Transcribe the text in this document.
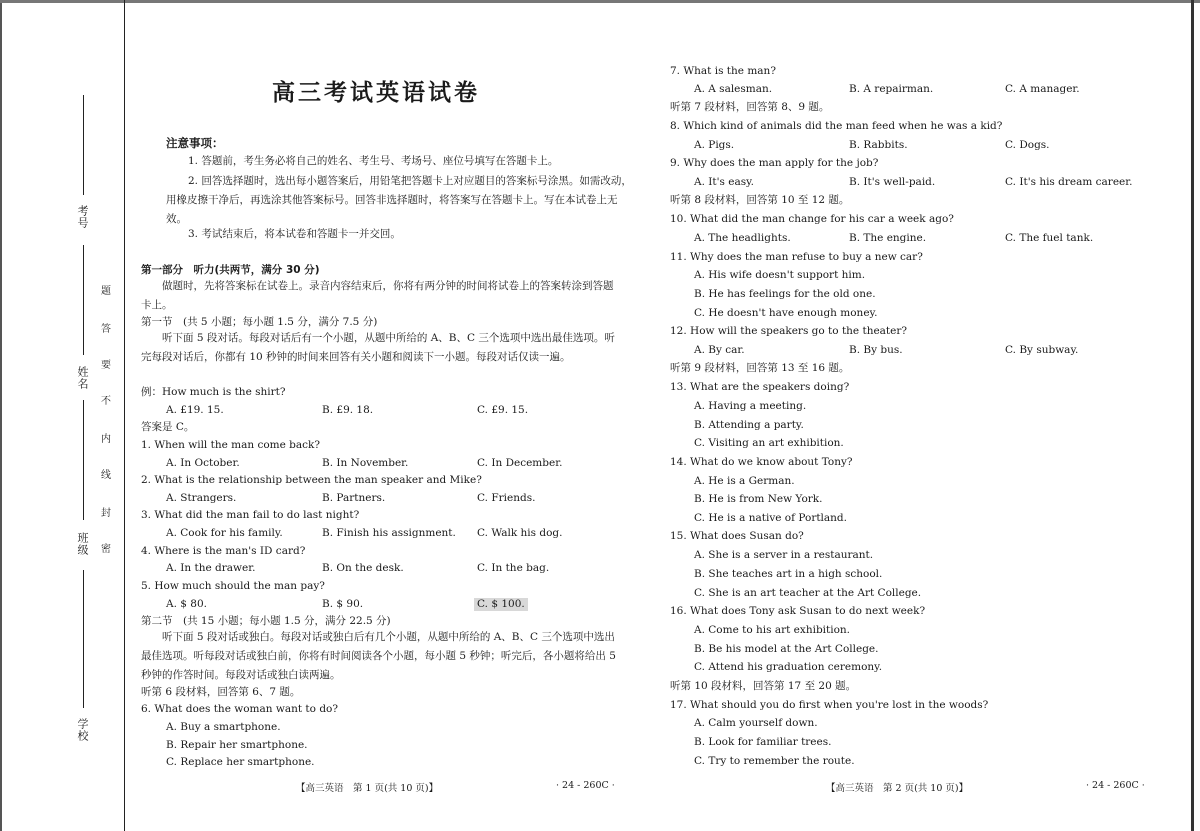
考号
姓名
班级
学校
题
答
要
不
内
线
封
密
高三考试英语试卷
注意事项：
1. 答题前，考生务必将自己的姓名、考生号、考场号、座位号填写在答题卡上。
2. 回答选择题时，选出每小题答案后，用铅笔把答题卡上对应题目的答案标号涂黑。如需改动，用橡皮擦干净后，再选涂其他答案标号。回答非选择题时，将答案写在答题卡上。写在本试卷上无效。
3. 考试结束后，将本试卷和答题卡一并交回。
第一部分　听力(共两节，满分 30 分)
做题时，先将答案标在试卷上。录音内容结束后，你将有两分钟的时间将试卷上的答案转涂到答题卡上。
第一节　(共 5 小题；每小题 1.5 分，满分 7.5 分)
听下面 5 段对话。每段对话后有一个小题，从题中所给的 A、B、C 三个选项中选出最佳选项。听完每段对话后，你都有 10 秒钟的时间来回答有关小题和阅读下一小题。每段对话仅读一遍。
例：How much is the shirt?
A. £19. 15.	B. £9. 18.	C. £9. 15.
答案是 C。
1. When will the man come back?
A. In October.	B. In November.	C. In December.
2. What is the relationship between the man speaker and Mike?
A. Strangers.	B. Partners.	C. Friends.
3. What did the man fail to do last night?
A. Cook for his family.	B. Finish his assignment. C. Walk his dog.
4. Where is the man's ID card?
A. In the drawer.	B. On the desk.	C. In the bag.
5. How much should the man pay?
A. $ 80.	B. $ 90.	C. $ 100.
第二节　(共 15 小题；每小题 1.5 分，满分 22.5 分)
听下面 5 段对话或独白。每段对话或独白后有几个小题，从题中所给的 A、B、C 三个选项中选出最佳选项。听每段对话或独白前，你将有时间阅读各个小题，每小题 5 秒钟；听完后，各小题将给出 5 秒钟的作答时间。每段对话或独白读两遍。
听第 6 段材料，回答第 6、7 题。
6. What does the woman want to do?
A. Buy a smartphone.
B. Repair her smartphone.
C. Replace her smartphone.
【高三英语　第 1 页(共 10 页)】	· 24 - 260C ·
7. What is the man?
A. A salesman.	B. A repairman.	C. A manager.
听第 7 段材料，回答第 8、9 题。
8. Which kind of animals did the man feed when he was a kid?
A. Pigs.	B. Rabbits.	C. Dogs.
9. Why does the man apply for the job?
A. It's easy.	B. It's well-paid.	C. It's his dream career.
听第 8 段材料，回答第 10 至 12 题。
10. What did the man change for his car a week ago?
A. The headlights.	B. The engine.	C. The fuel tank.
11. Why does the man refuse to buy a new car?
A. His wife doesn't support him.
B. He has feelings for the old one.
C. He doesn't have enough money.
12. How will the speakers go to the theater?
A. By car.	B. By bus.	C. By subway.
听第 9 段材料，回答第 13 至 16 题。
13. What are the speakers doing?
A. Having a meeting.
B. Attending a party.
C. Visiting an art exhibition.
14. What do we know about Tony?
A. He is a German.
B. He is from New York.
C. He is a native of Portland.
15. What does Susan do?
A. She is a server in a restaurant.
B. She teaches art in a high school.
C. She is an art teacher at the Art College.
16. What does Tony ask Susan to do next week?
A. Come to his art exhibition.
B. Be his model at the Art College.
C. Attend his graduation ceremony.
听第 10 段材料，回答第 17 至 20 题。
17. What should you do first when you're lost in the woods?
A. Calm yourself down.
B. Look for familiar trees.
C. Try to remember the route.
【高三英语　第 2 页(共 10 页)】	· 24 - 260C ·
